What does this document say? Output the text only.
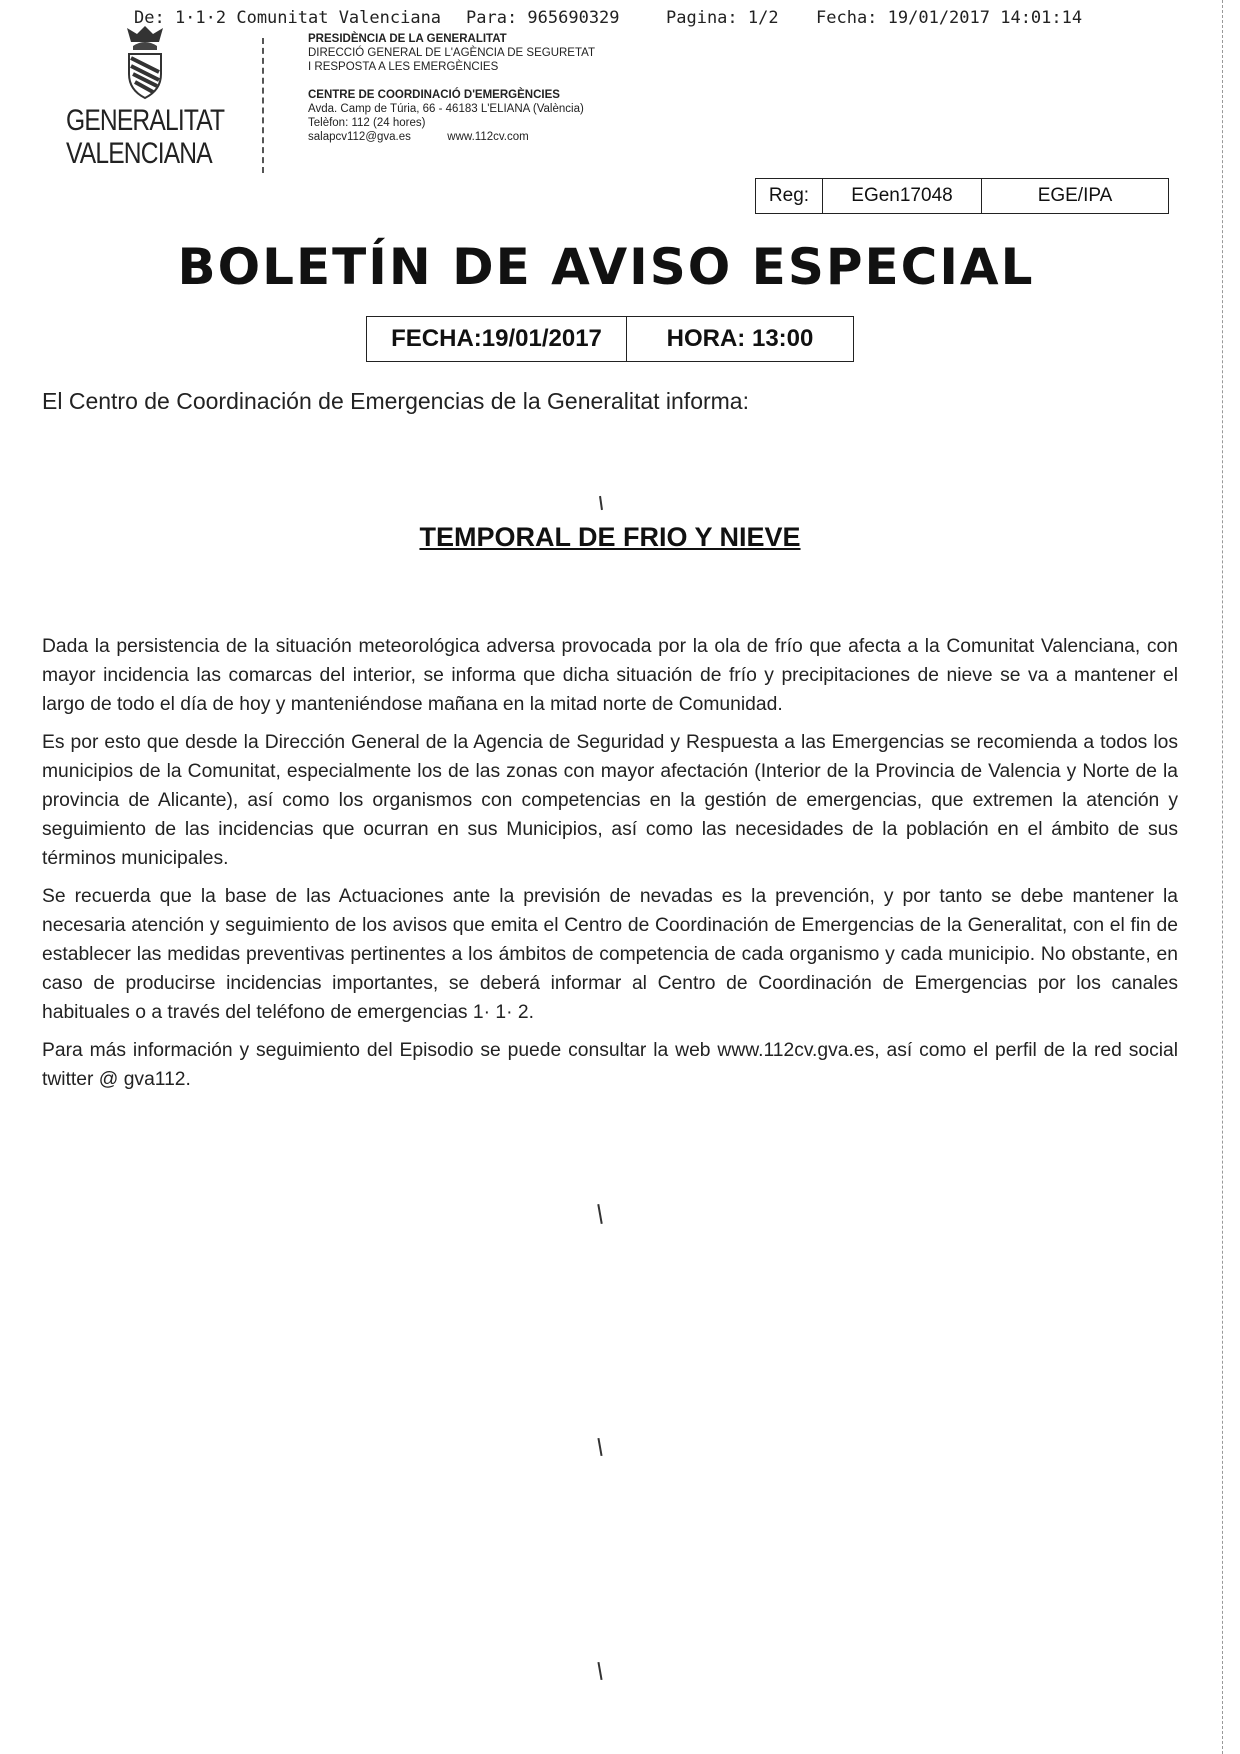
De: 1·1·2 Comunitat Valenciana Para: 965690329	Pagina: 1/2 Fecha: 19/01/2017 14:01:14
GENERALITAT
VALENCIANA
PRESIDÈNCIA DE LA GENERALITAT
DIRECCIÓ GENERAL DE L'AGÈNCIA DE SEGURETAT
I RESPOSTA A LES EMERGÈNCIES
CENTRE DE COORDINACIÓ D'EMERGÈNCIES
Avda. Camp de Túria, 66 - 46183 L'ELIANA (València)
Telèfon: 112 (24 hores)
salapcv112@gva.es	www.112cv.com
Reg:	EGen17048	EGE/IPA
BOLETÍN DE AVISO ESPECIAL
FECHA:19/01/2017	HORA: 13:00
El Centro de Coordinación de Emergencias de la Generalitat informa:
TEMPORAL DE FRIO Y NIEVE

Dada la persistencia de la situación meteorológica adversa provocada por la ola de frío que afecta a la Comunitat Valenciana, con mayor incidencia las comarcas del interior, se informa que dicha situación de frío y precipitaciones de nieve se va a mantener el largo de todo el día de hoy y manteniéndose mañana en la mitad norte de Comunidad.

Es por esto que desde la Dirección General de la Agencia de Seguridad y Respuesta a las Emergencias se recomienda a todos los municipios de la Comunitat, especialmente los de las zonas con mayor afectación (Interior de la Provincia de Valencia y Norte de la provincia de Alicante), así como los organismos con competencias en la gestión de emergencias, que extremen la atención y seguimiento de las incidencias que ocurran en sus Municipios, así como las necesidades de la población en el ámbito de sus términos municipales.

Se recuerda que la base de las Actuaciones ante la previsión de nevadas es la prevención, y por tanto se debe mantener la necesaria atención y seguimiento de los avisos que emita el Centro de Coordinación de Emergencias de la Generalitat, con el fin de establecer las medidas preventivas pertinentes a los ámbitos de competencia de cada organismo y cada municipio. No obstante, en caso de producirse incidencias importantes, se deberá informar al Centro de Coordinación de Emergencias por los canales habituales o a través del teléfono de emergencias 1· 1· 2.

Para más información y seguimiento del Episodio se puede consultar la web www.112cv.gva.es, así como el perfil de la red social twitter @ gva112.
